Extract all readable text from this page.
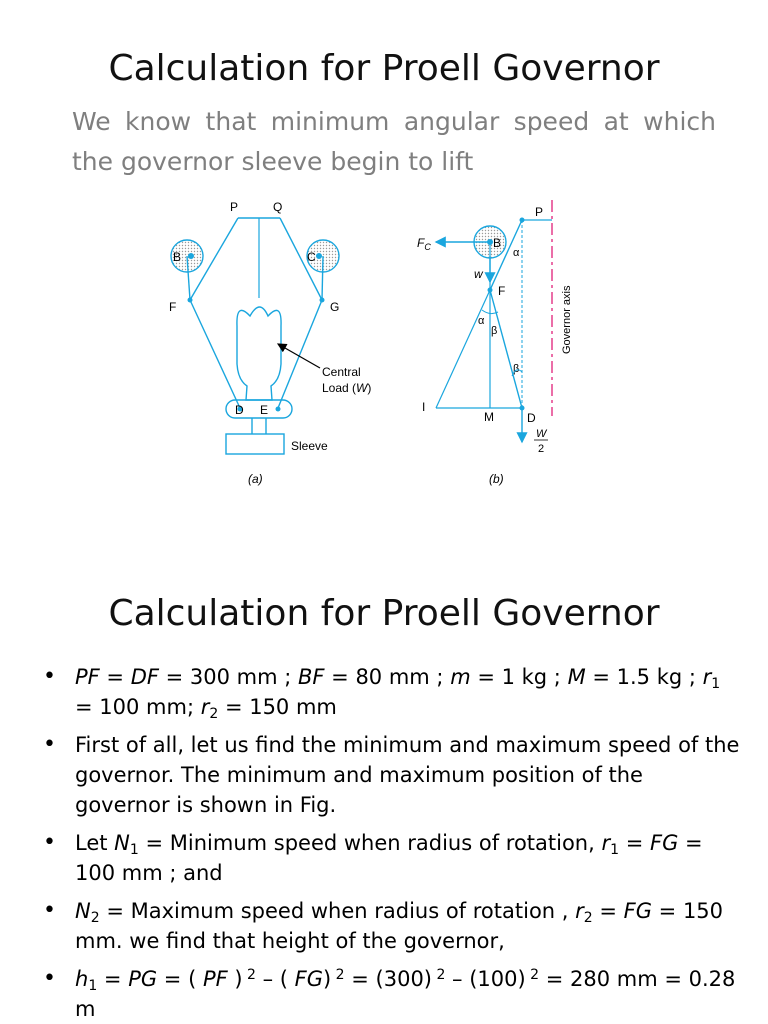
Calculation for Proell Governor
We know that minimum angular speed at which the governor sleeve begin to lift
P	Q
B	C
F	G
D E
Central
Load (W)
Sleeve
(a)
Governor axis
P
B
$F_C$
w
F
α
α
β
β
I
M	D
W
2
(b)
Calculation for Proell Governor
• PF = DF = 300 mm ; BF = 80 mm ; m = 1 kg ; M = 1.5 kg ; $r_1 = 100$ mm; $r_2 = 150$ mm
• First of all, let us find the minimum and maximum speed of the governor. The minimum and maximum position of the governor is shown in Fig.
• Let $N_1$ = Minimum speed when radius of rotation, $r_1$ = FG = 100 mm ; and
• $N_2$ = Maximum speed when radius of rotation , $r_2$ = FG = 150 mm. we find that height of the governor,
• $h_1$ = PG = ( PF ) $^2$ – ( FG) $^2$ = (300) $^2$ – (100) $^2$ = 280 mm = 0.28 m
